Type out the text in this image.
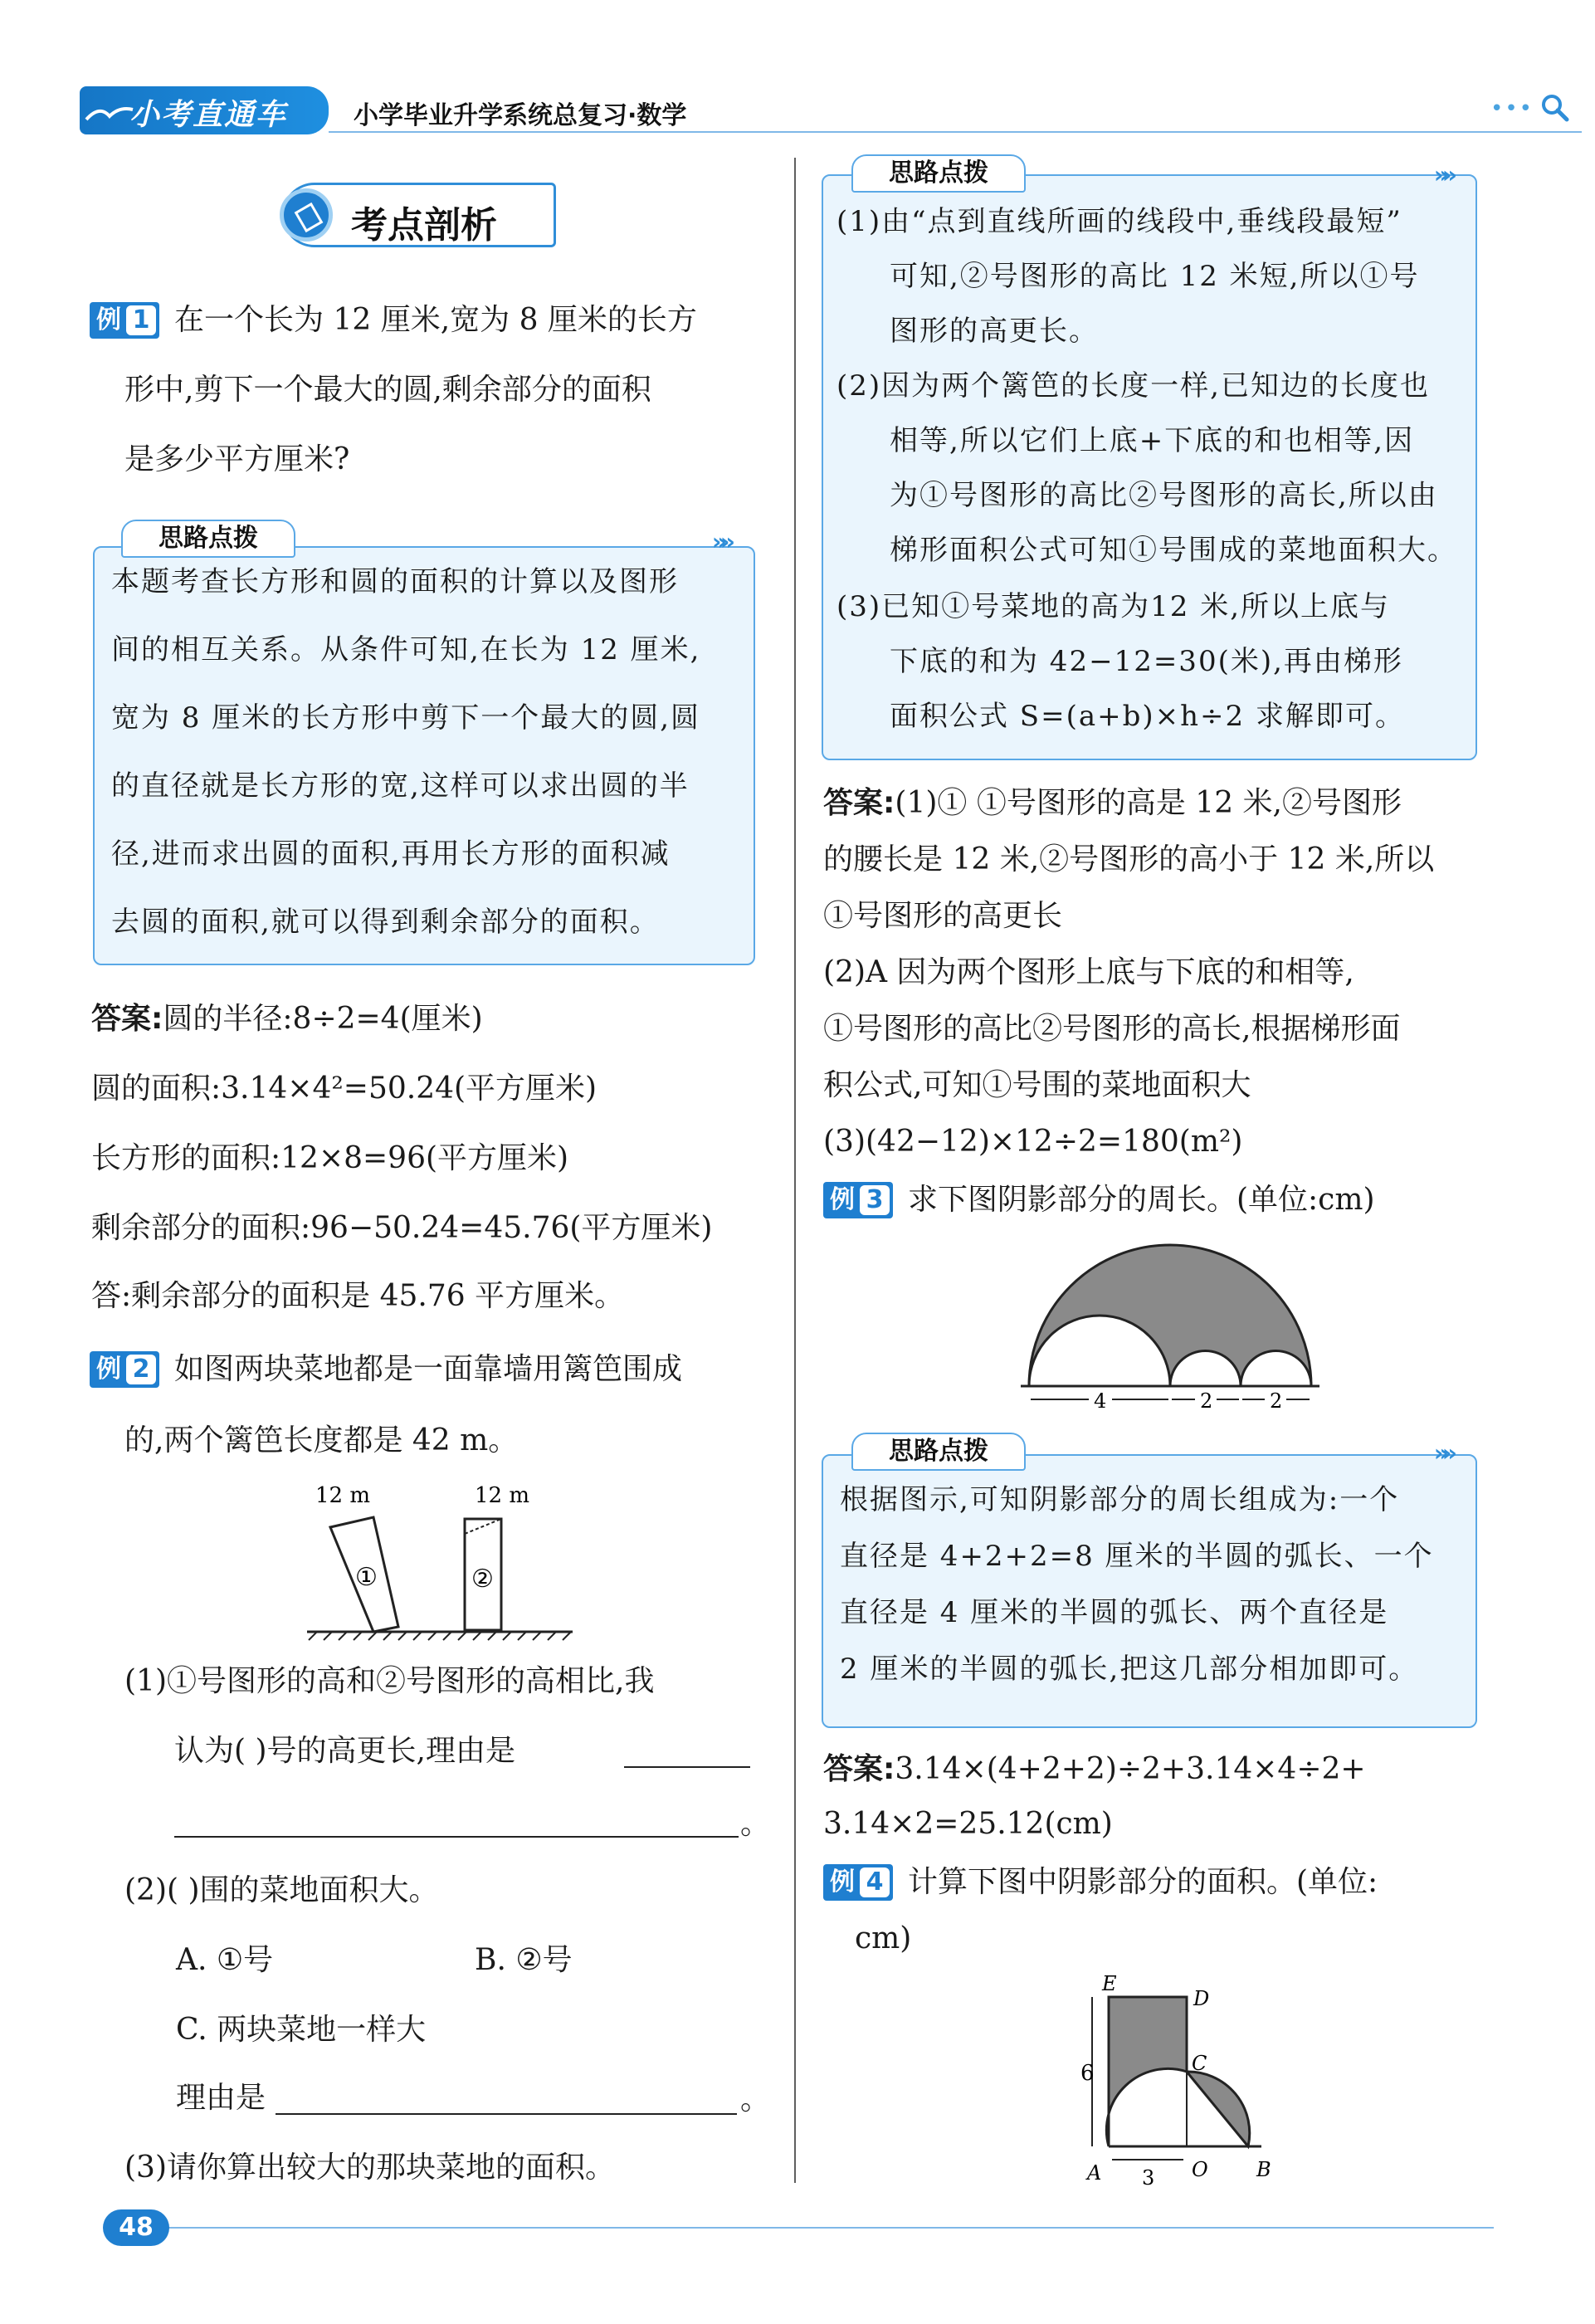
小考直通车	小学毕业升学系统总复习·数学	•••
考点剖析
例 1 在一个长为 12 厘米,宽为 8 厘米的长方
形中,剪下一个最大的圆,剩余部分的面积
是多少平方厘米?
思路点拨	»»
本题考查长方形和圆的面积的计算以及图形
间的相互关系。从条件可知,在长为 12 厘米,
宽为 8 厘米的长方形中剪下一个最大的圆,圆
的直径就是长方形的宽,这样可以求出圆的半
径,进而求出圆的面积,再用长方形的面积减
去圆的面积,就可以得到剩余部分的面积。
答案:圆的半径:8÷2=4(厘米)
圆的面积:3.14×4²=50.24(平方厘米)
长方形的面积:12×8=96(平方厘米)
剩余部分的面积:96−50.24=45.76(平方厘米)
答:剩余部分的面积是 45.76 平方厘米。
例 2 如图两块菜地都是一面靠墙用篱笆围成
的,两个篱笆长度都是 42 m。
12 m	12 m
①	②
(1)①号图形的高和②号图形的高相比,我
认为( )号的高更长,理由是
。
(2)( )围的菜地面积大。
A. ①号	B. ②号
C. 两块菜地一样大
理由是	。
(3)请你算出较大的那块菜地的面积。
思路点拨	»»
(1)由“点到直线所画的线段中,垂线段最短”
可知,②号图形的高比 12 米短,所以①号
图形的高更长。
(2)因为两个篱笆的长度一样,已知边的长度也
相等,所以它们上底+下底的和也相等,因
为①号图形的高比②号图形的高长,所以由
梯形面积公式可知①号围成的菜地面积大。
(3)已知①号菜地的高为12 米,所以上底与
下底的和为 42−12=30(米),再由梯形
面积公式 S=(a+b)×h÷2 求解即可。
答案:(1)① ①号图形的高是 12 米,②号图形
的腰长是 12 米,②号图形的高小于 12 米,所以
①号图形的高更长
(2)A 因为两个图形上底与下底的和相等,
①号图形的高比②号图形的高长,根据梯形面
积公式,可知①号围的菜地面积大
(3)(42−12)×12÷2=180(m²)
例 3 求下图阴影部分的周长。(单位:cm)
4	2	2
思路点拨	»»
根据图示,可知阴影部分的周长组成为:一个
直径是 4+2+2=8 厘米的半圆的弧长、一个
直径是 4 厘米的半圆的弧长、两个直径是
2 厘米的半圆的弧长,把这几部分相加即可。
答案:3.14×(4+2+2)÷2+3.14×4÷2+
3.14×2=25.12(cm)
例 4 计算下图中阴影部分的面积。(单位:
cm)
E
D
C
A	O B
6
3
48
